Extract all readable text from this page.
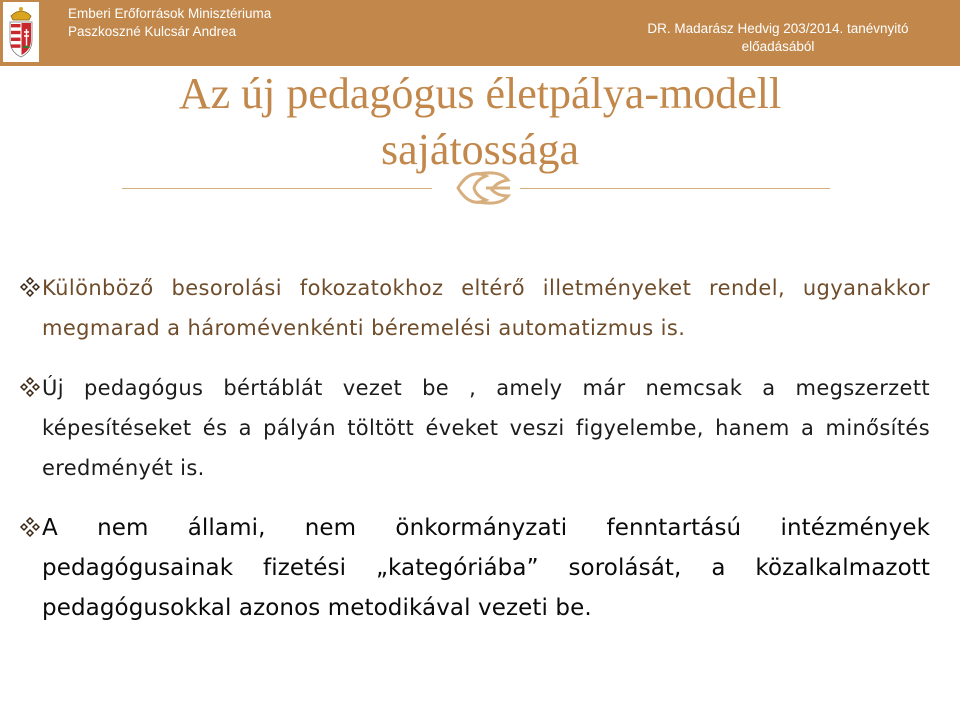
Emberi Erőforrások Minisztériuma
Paszkoszné Kulcsár Andrea	DR. Madarász Hedvig 203/2014. tanévnyitó
előadásából
Az új pedagógus életpálya-modell
sajátossága
Különböző besorolási fokozatokhoz eltérő illetményeket rendel, ugyanakkor megmarad a háromévenkénti béremelési automatizmus is.
Új pedagógus bértáblát vezet be , amely már nemcsak a megszerzett képesítéseket és a pályán töltött éveket veszi figyelembe, hanem a minősítés eredményét is.
A nem állami, nem önkormányzati fenntartású intézmények pedagógusainak fizetési „kategóriába” sorolását, a közalkalmazott pedagógusokkal azonos metodikával vezeti be.
